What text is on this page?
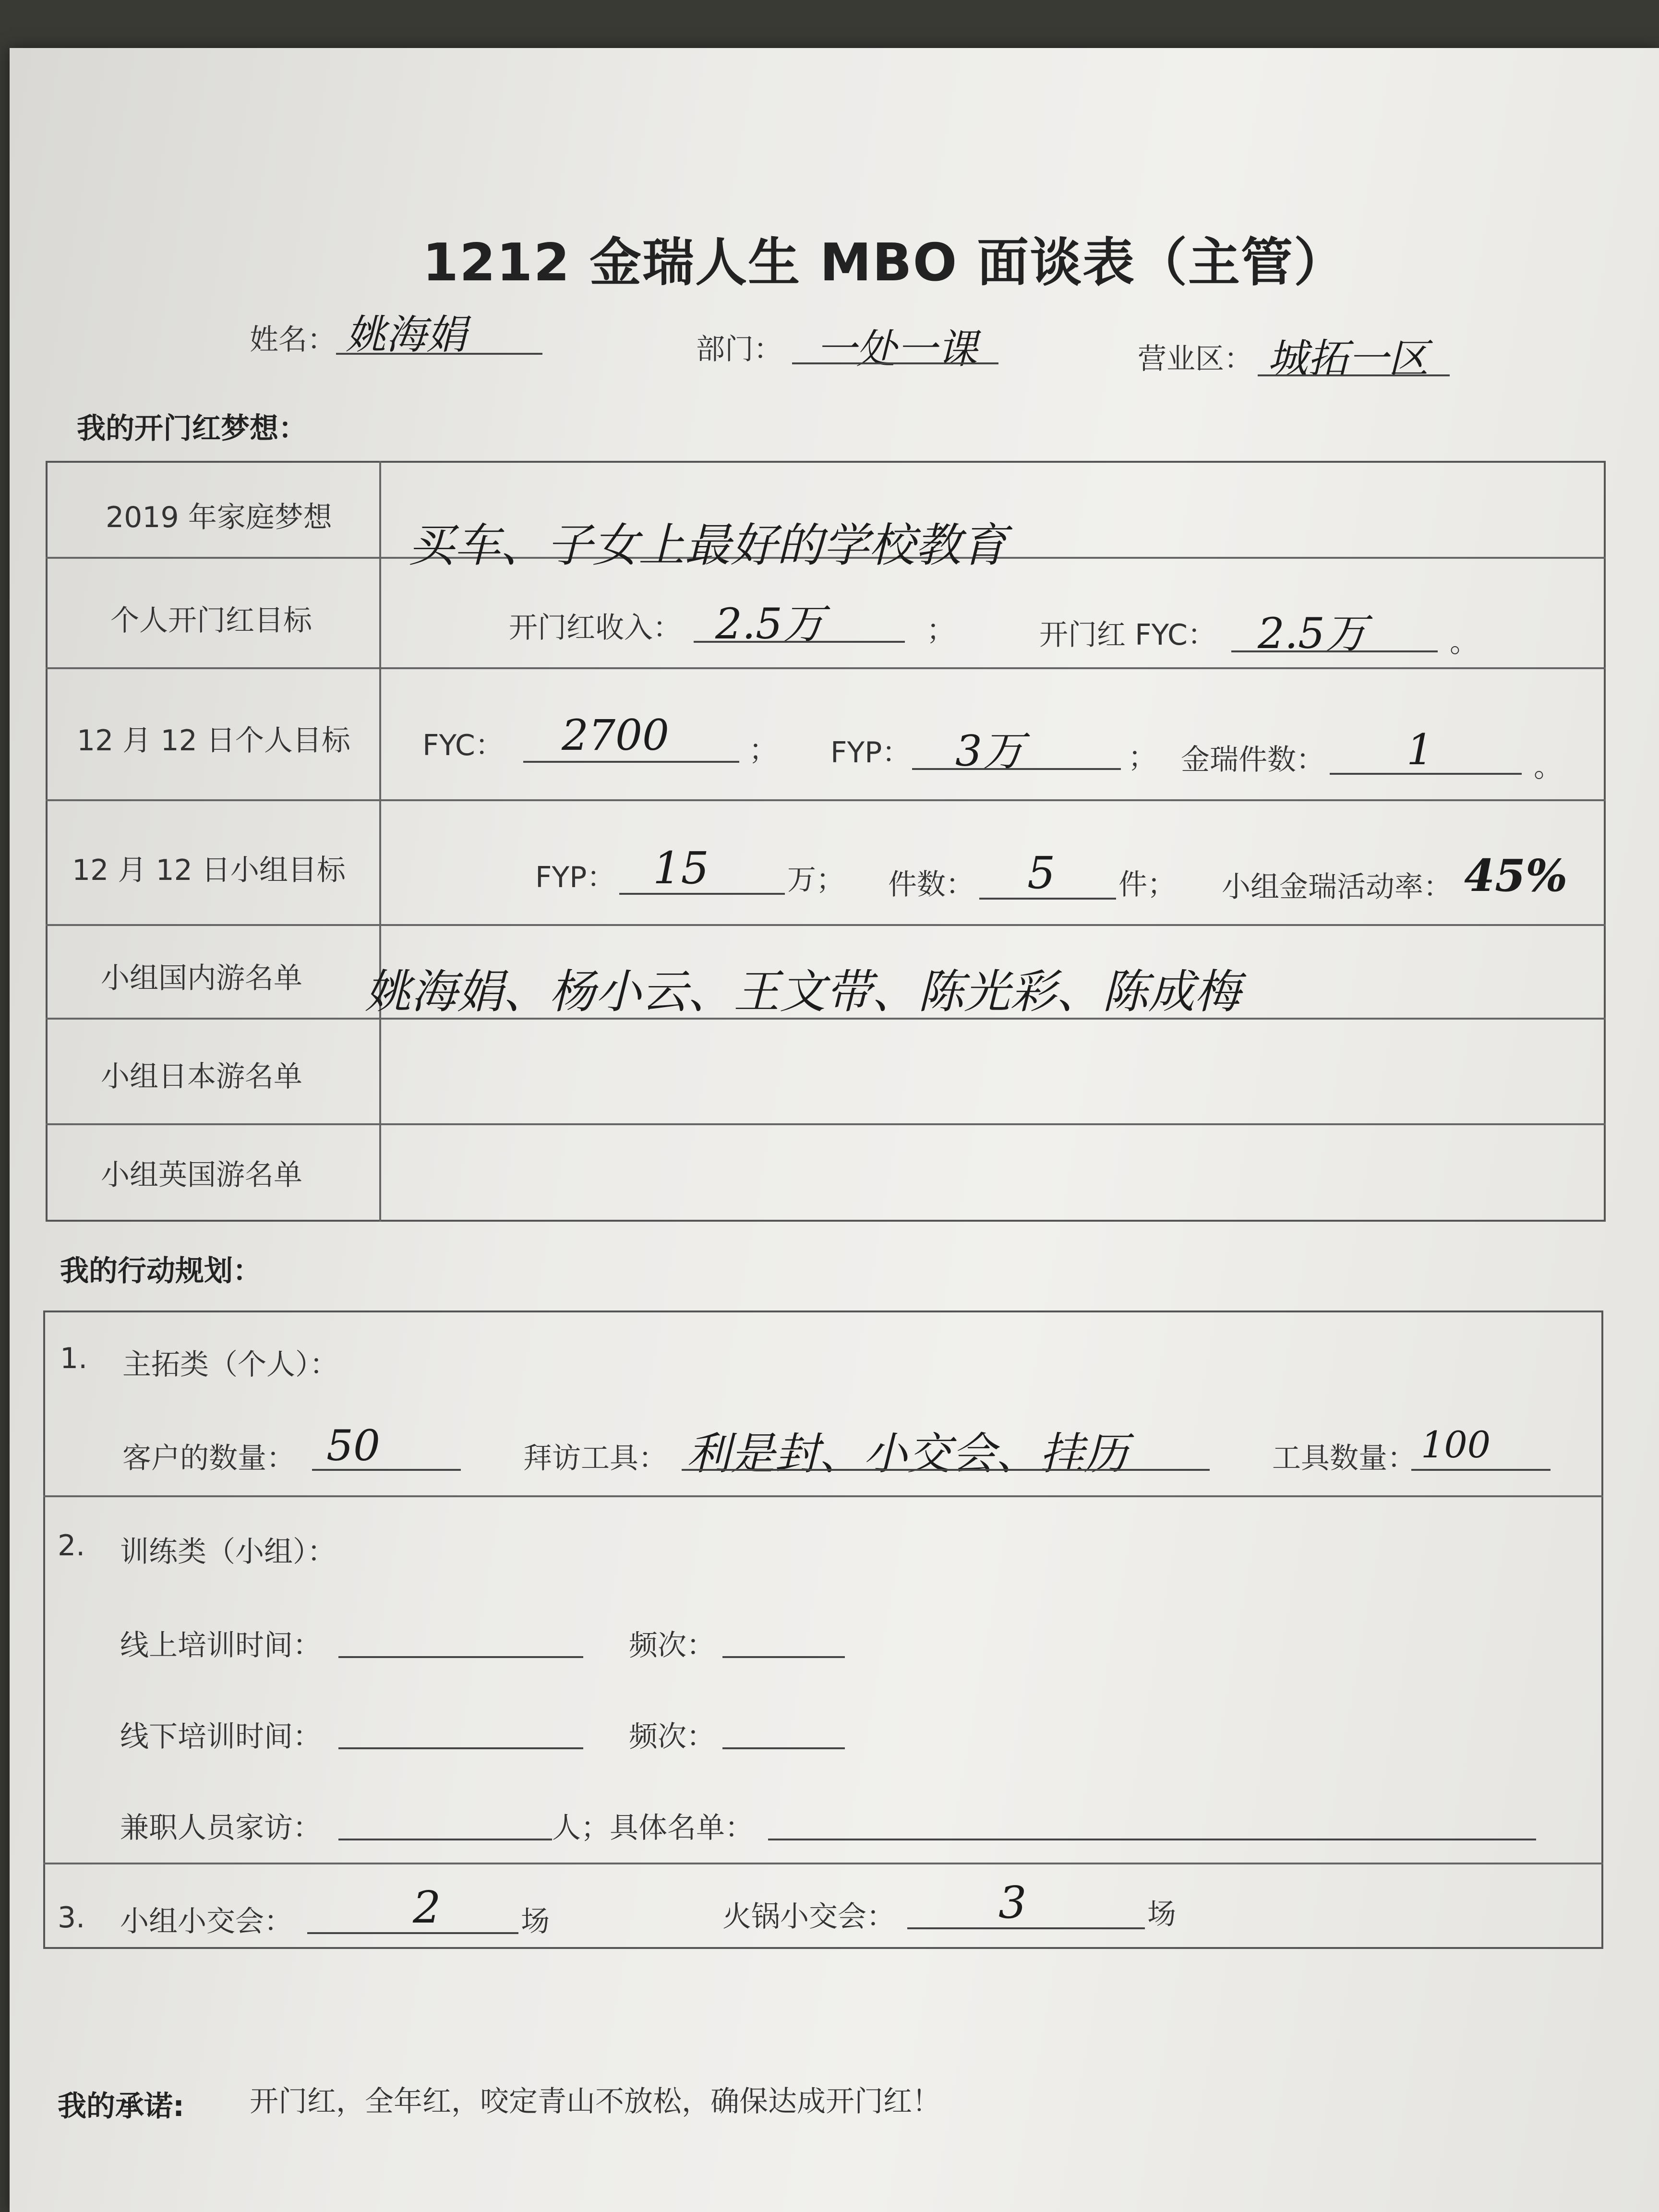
1212 金瑞人生 MBO 面谈表（主管）
姓名： 姚海娟	部门： 一处一课	营业区： 城拓一区
我的开门红梦想：
2019 年家庭梦想
买车、子女上最好的学校教育
个人开门红目标	开门红收入： 2.5万	；	开门红 FYC： 2.5万	。
12 月 12 日个人目标	FYC： 2700	； FYP： 3万	； 金瑞件数： 1	。
12 月 12 日小组目标	FYP： 15	万； 件数： 5 件； 小组金瑞活动率： 45%
小组国内游名单 姚海娟、杨小云、王文带、陈光彩、陈成梅
小组日本游名单
小组英国游名单
我的行动规划：
1. 主拓类（个人）：
客户的数量： 50	拜访工具： 利是封、小交会、挂历	工具数量： 100
2. 训练类（小组）：
线上培训时间：	频次：
线下培训时间：	频次：
兼职人员家访：	人；具体名单：
3. 小组小交会：	2	场	火锅小交会： 3	场
我的承诺: 开门红，全年红，咬定青山不放松，确保达成开门红！
